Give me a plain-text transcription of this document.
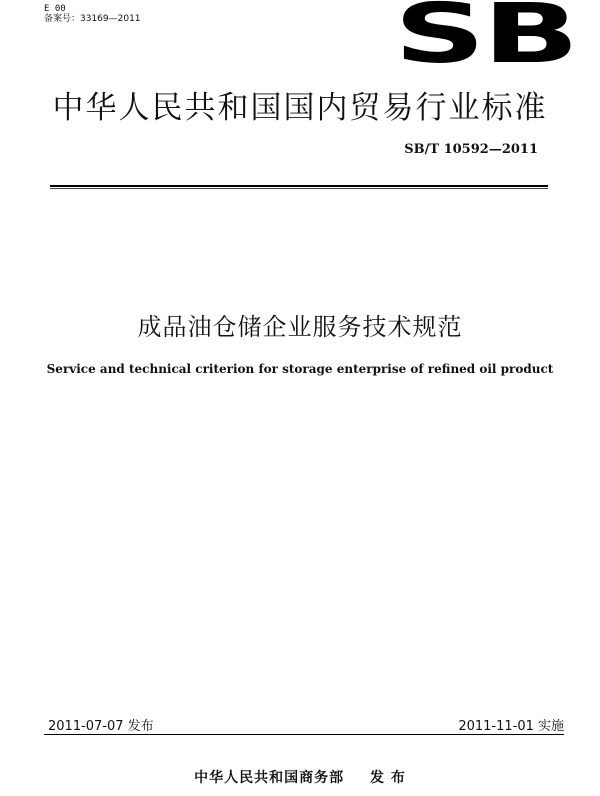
E 00
备案号：33169—2011	SB
中华人民共和国国内贸易行业标准
SB/T 10592—2011
成品油仓储企业服务技术规范
Service and technical criterion for storage enterprise of refined oil product
2011-07-07 发布	2011-11-01 实施
中华人民共和国商务部 发 布
